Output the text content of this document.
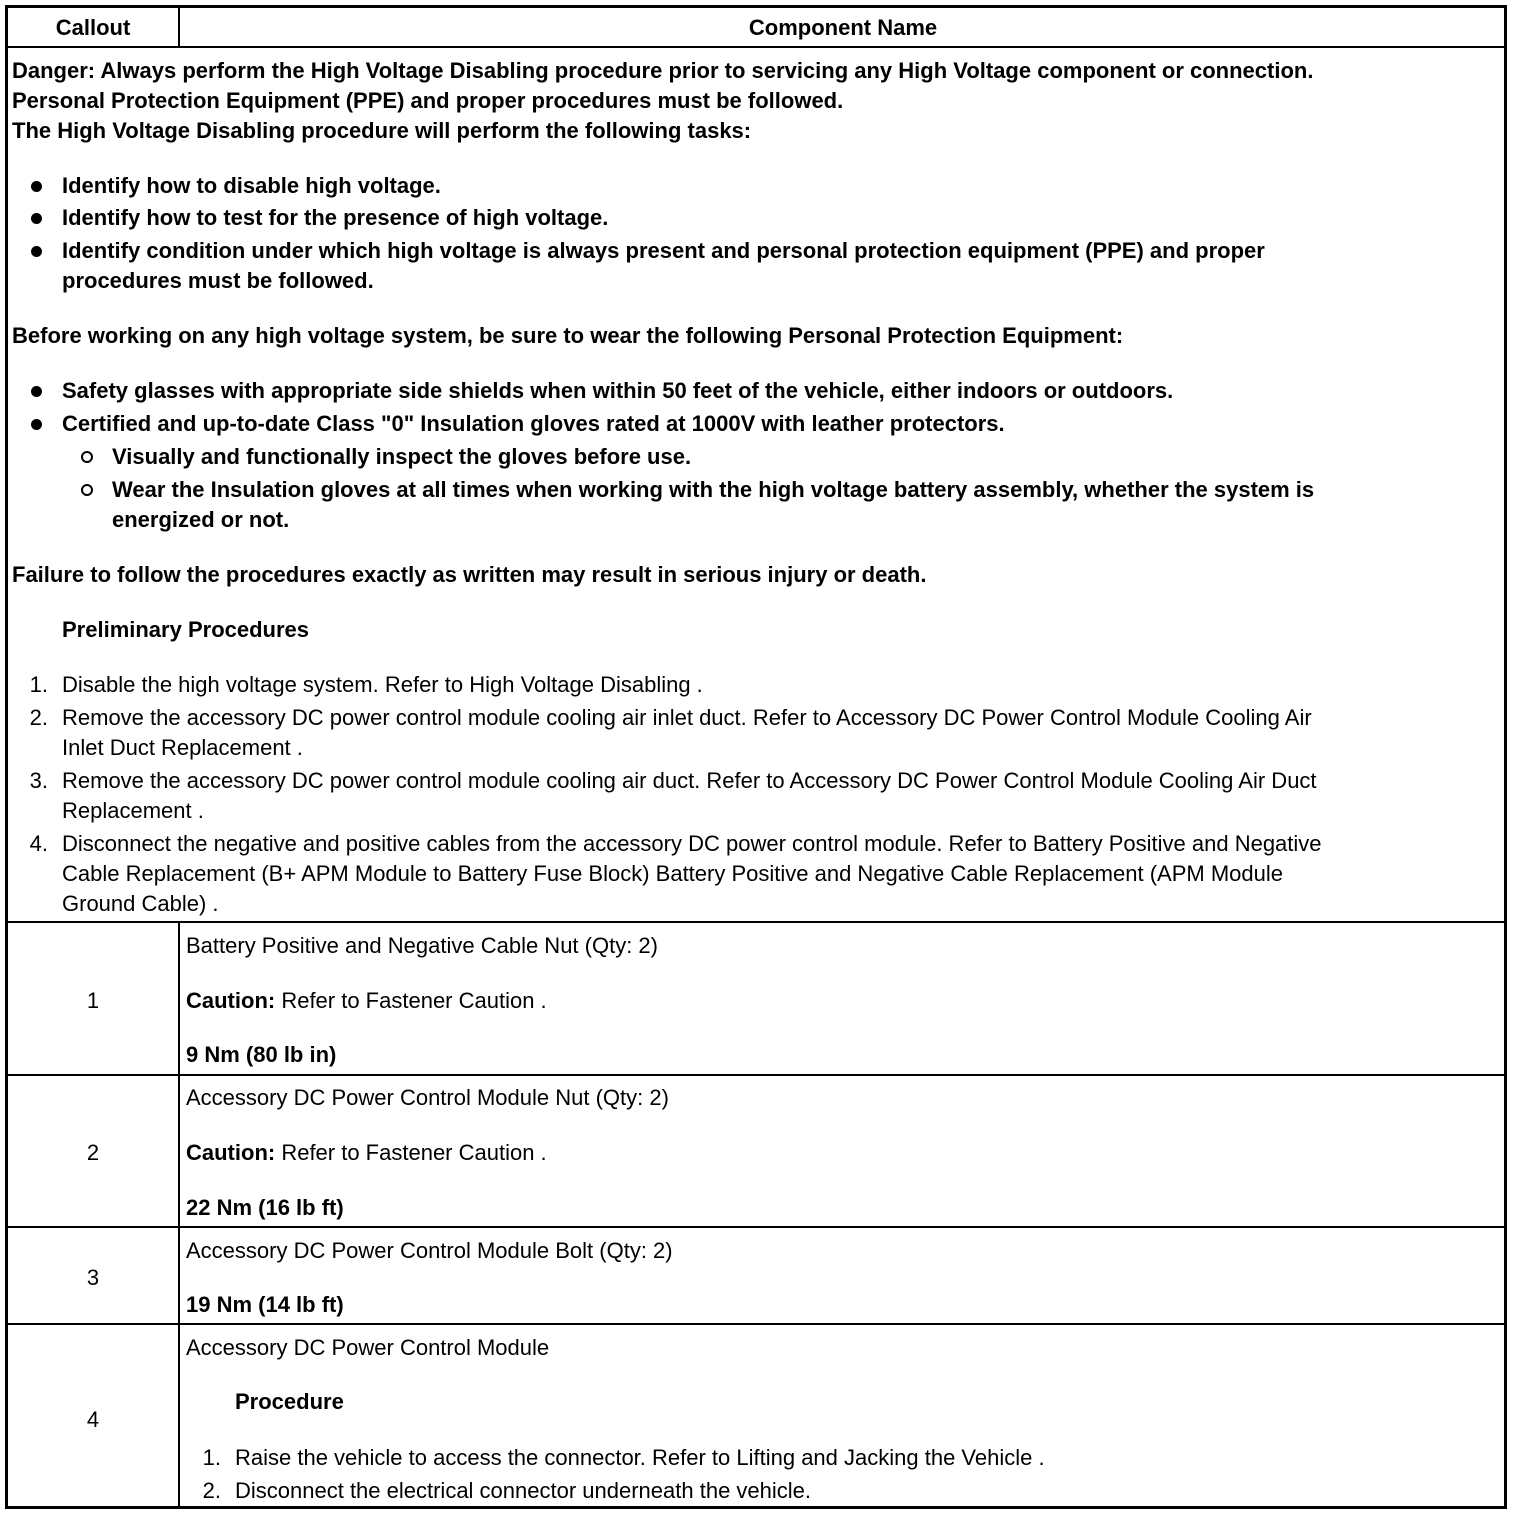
Callout	Component Name
Danger: Always perform the High Voltage Disabling procedure prior to servicing any High Voltage component or connection.
Personal Protection Equipment (PPE) and proper procedures must be followed.
The High Voltage Disabling procedure will perform the following tasks:
Identify how to disable high voltage.
Identify how to test for the presence of high voltage.
Identify condition under which high voltage is always present and personal protection equipment (PPE) and proper
procedures must be followed.
Before working on any high voltage system, be sure to wear the following Personal Protection Equipment:
Safety glasses with appropriate side shields when within 50 feet of the vehicle, either indoors or outdoors.
Certified and up-to-date Class "0" Insulation gloves rated at 1000V with leather protectors.
Visually and functionally inspect the gloves before use.
Wear the Insulation gloves at all times when working with the high voltage battery assembly, whether the system is
energized or not.
Failure to follow the procedures exactly as written may result in serious injury or death.
Preliminary Procedures
1. Disable the high voltage system. Refer to High Voltage Disabling .
2. Remove the accessory DC power control module cooling air inlet duct. Refer to Accessory DC Power Control Module Cooling Air
Inlet Duct Replacement .
3. Remove the accessory DC power control module cooling air duct. Refer to Accessory DC Power Control Module Cooling Air Duct
Replacement .
4. Disconnect the negative and positive cables from the accessory DC power control module. Refer to Battery Positive and Negative
Cable Replacement (B+ APM Module to Battery Fuse Block) Battery Positive and Negative Cable Replacement (APM Module
Ground Cable) .
1
Battery Positive and Negative Cable Nut (Qty: 2)
Caution: Refer to Fastener Caution .
9 Nm (80 lb in)
2
Accessory DC Power Control Module Nut (Qty: 2)
Caution: Refer to Fastener Caution .
22 Nm (16 lb ft)
3
Accessory DC Power Control Module Bolt (Qty: 2)
19 Nm (14 lb ft)
4
Accessory DC Power Control Module
Procedure
1. Raise the vehicle to access the connector. Refer to Lifting and Jacking the Vehicle .
2. Disconnect the electrical connector underneath the vehicle.
